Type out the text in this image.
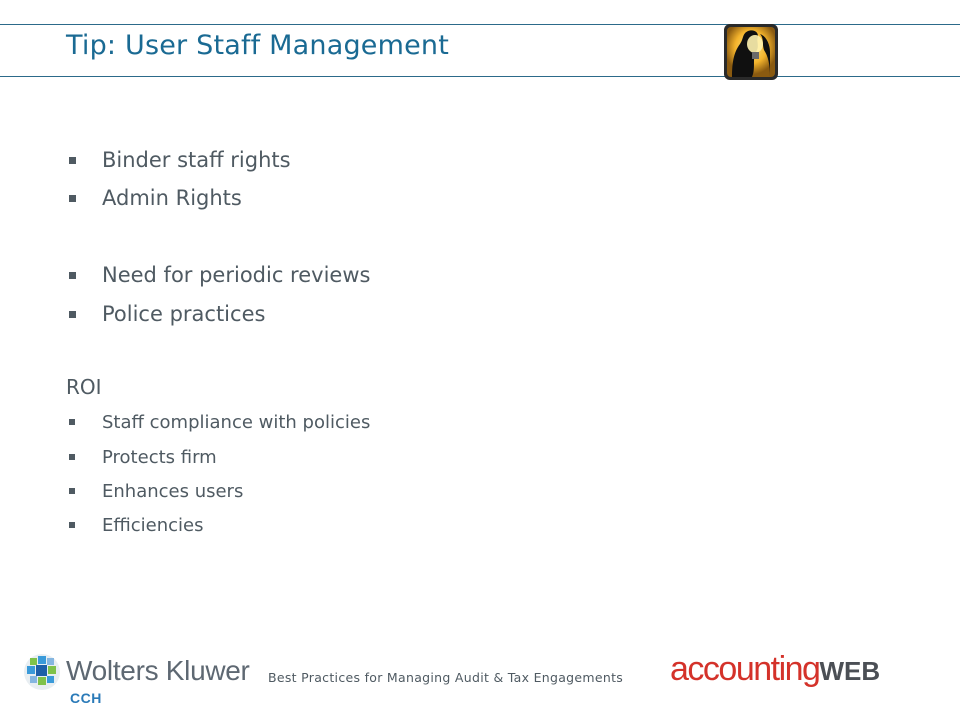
Tip: User Staff Management
Binder staff rights
Admin Rights
Need for periodic reviews
Police practices
ROI
Staff compliance with policies
Protects firm
Enhances users
Efficiencies
Wolters Kluwer
CCH
Best Practices for Managing Audit & Tax Engagements accountingWEB
